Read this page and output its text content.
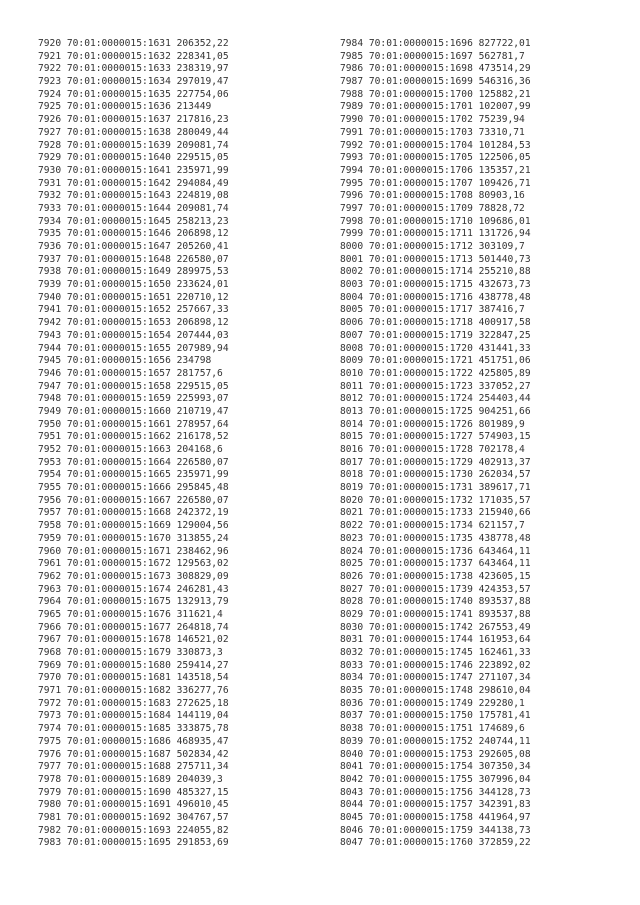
7920 70:01:0000015:1631 206352,22
7921 70:01:0000015:1632 228341,05
7922 70:01:0000015:1633 238319,97
7923 70:01:0000015:1634 297019,47
7924 70:01:0000015:1635 227754,06
7925 70:01:0000015:1636 213449
7926 70:01:0000015:1637 217816,23
7927 70:01:0000015:1638 280049,44
7928 70:01:0000015:1639 209081,74
7929 70:01:0000015:1640 229515,05
7930 70:01:0000015:1641 235971,99
7931 70:01:0000015:1642 294084,49
7932 70:01:0000015:1643 224819,08
7933 70:01:0000015:1644 209081,74
7934 70:01:0000015:1645 258213,23
7935 70:01:0000015:1646 206898,12
7936 70:01:0000015:1647 205260,41
7937 70:01:0000015:1648 226580,07
7938 70:01:0000015:1649 289975,53
7939 70:01:0000015:1650 233624,01
7940 70:01:0000015:1651 220710,12
7941 70:01:0000015:1652 257667,33
7942 70:01:0000015:1653 206898,12
7943 70:01:0000015:1654 207444,03
7944 70:01:0000015:1655 207989,94
7945 70:01:0000015:1656 234798
7946 70:01:0000015:1657 281757,6
7947 70:01:0000015:1658 229515,05
7948 70:01:0000015:1659 225993,07
7949 70:01:0000015:1660 210719,47
7950 70:01:0000015:1661 278957,64
7951 70:01:0000015:1662 216178,52
7952 70:01:0000015:1663 204168,6
7953 70:01:0000015:1664 226580,07
7954 70:01:0000015:1665 235971,99
7955 70:01:0000015:1666 295845,48
7956 70:01:0000015:1667 226580,07
7957 70:01:0000015:1668 242372,19
7958 70:01:0000015:1669 129004,56
7959 70:01:0000015:1670 313855,24
7960 70:01:0000015:1671 238462,96
7961 70:01:0000015:1672 129563,02
7962 70:01:0000015:1673 308829,09
7963 70:01:0000015:1674 246281,43
7964 70:01:0000015:1675 132913,79
7965 70:01:0000015:1676 311621,4
7966 70:01:0000015:1677 264818,74
7967 70:01:0000015:1678 146521,02
7968 70:01:0000015:1679 330873,3
7969 70:01:0000015:1680 259414,27
7970 70:01:0000015:1681 143518,54
7971 70:01:0000015:1682 336277,76
7972 70:01:0000015:1683 272625,18
7973 70:01:0000015:1684 144119,04
7974 70:01:0000015:1685 333875,78
7975 70:01:0000015:1686 468935,47
7976 70:01:0000015:1687 502834,42
7977 70:01:0000015:1688 275711,34
7978 70:01:0000015:1689 204039,3
7979 70:01:0000015:1690 485327,15
7980 70:01:0000015:1691 496010,45
7981 70:01:0000015:1692 304767,57
7982 70:01:0000015:1693 224055,82
7983 70:01:0000015:1695 291853,69
7984 70:01:0000015:1696 827722,01
7985 70:01:0000015:1697 562781,7
7986 70:01:0000015:1698 473514,29
7987 70:01:0000015:1699 546316,36
7988 70:01:0000015:1700 125882,21
7989 70:01:0000015:1701 102007,99
7990 70:01:0000015:1702 75239,94
7991 70:01:0000015:1703 73310,71
7992 70:01:0000015:1704 101284,53
7993 70:01:0000015:1705 122506,05
7994 70:01:0000015:1706 135357,21
7995 70:01:0000015:1707 109426,71
7996 70:01:0000015:1708 80903,16
7997 70:01:0000015:1709 78828,72
7998 70:01:0000015:1710 109686,01
7999 70:01:0000015:1711 131726,94
8000 70:01:0000015:1712 303109,7
8001 70:01:0000015:1713 501440,73
8002 70:01:0000015:1714 255210,88
8003 70:01:0000015:1715 432673,73
8004 70:01:0000015:1716 438778,48
8005 70:01:0000015:1717 387416,7
8006 70:01:0000015:1718 400917,58
8007 70:01:0000015:1719 322847,25
8008 70:01:0000015:1720 431441,33
8009 70:01:0000015:1721 451751,06
8010 70:01:0000015:1722 425805,89
8011 70:01:0000015:1723 337052,27
8012 70:01:0000015:1724 254403,44
8013 70:01:0000015:1725 904251,66
8014 70:01:0000015:1726 801989,9
8015 70:01:0000015:1727 574903,15
8016 70:01:0000015:1728 702178,4
8017 70:01:0000015:1729 402913,37
8018 70:01:0000015:1730 262034,57
8019 70:01:0000015:1731 389617,71
8020 70:01:0000015:1732 171035,57
8021 70:01:0000015:1733 215940,66
8022 70:01:0000015:1734 621157,7
8023 70:01:0000015:1735 438778,48
8024 70:01:0000015:1736 643464,11
8025 70:01:0000015:1737 643464,11
8026 70:01:0000015:1738 423605,15
8027 70:01:0000015:1739 424353,57
8028 70:01:0000015:1740 893537,88
8029 70:01:0000015:1741 893537,88
8030 70:01:0000015:1742 267553,49
8031 70:01:0000015:1744 161953,64
8032 70:01:0000015:1745 162461,33
8033 70:01:0000015:1746 223892,02
8034 70:01:0000015:1747 271107,34
8035 70:01:0000015:1748 298610,04
8036 70:01:0000015:1749 229280,1
8037 70:01:0000015:1750 175781,41
8038 70:01:0000015:1751 174689,6
8039 70:01:0000015:1752 240744,11
8040 70:01:0000015:1753 292605,08
8041 70:01:0000015:1754 307350,34
8042 70:01:0000015:1755 307996,04
8043 70:01:0000015:1756 344128,73
8044 70:01:0000015:1757 342391,83
8045 70:01:0000015:1758 441964,97
8046 70:01:0000015:1759 344138,73
8047 70:01:0000015:1760 372859,22
